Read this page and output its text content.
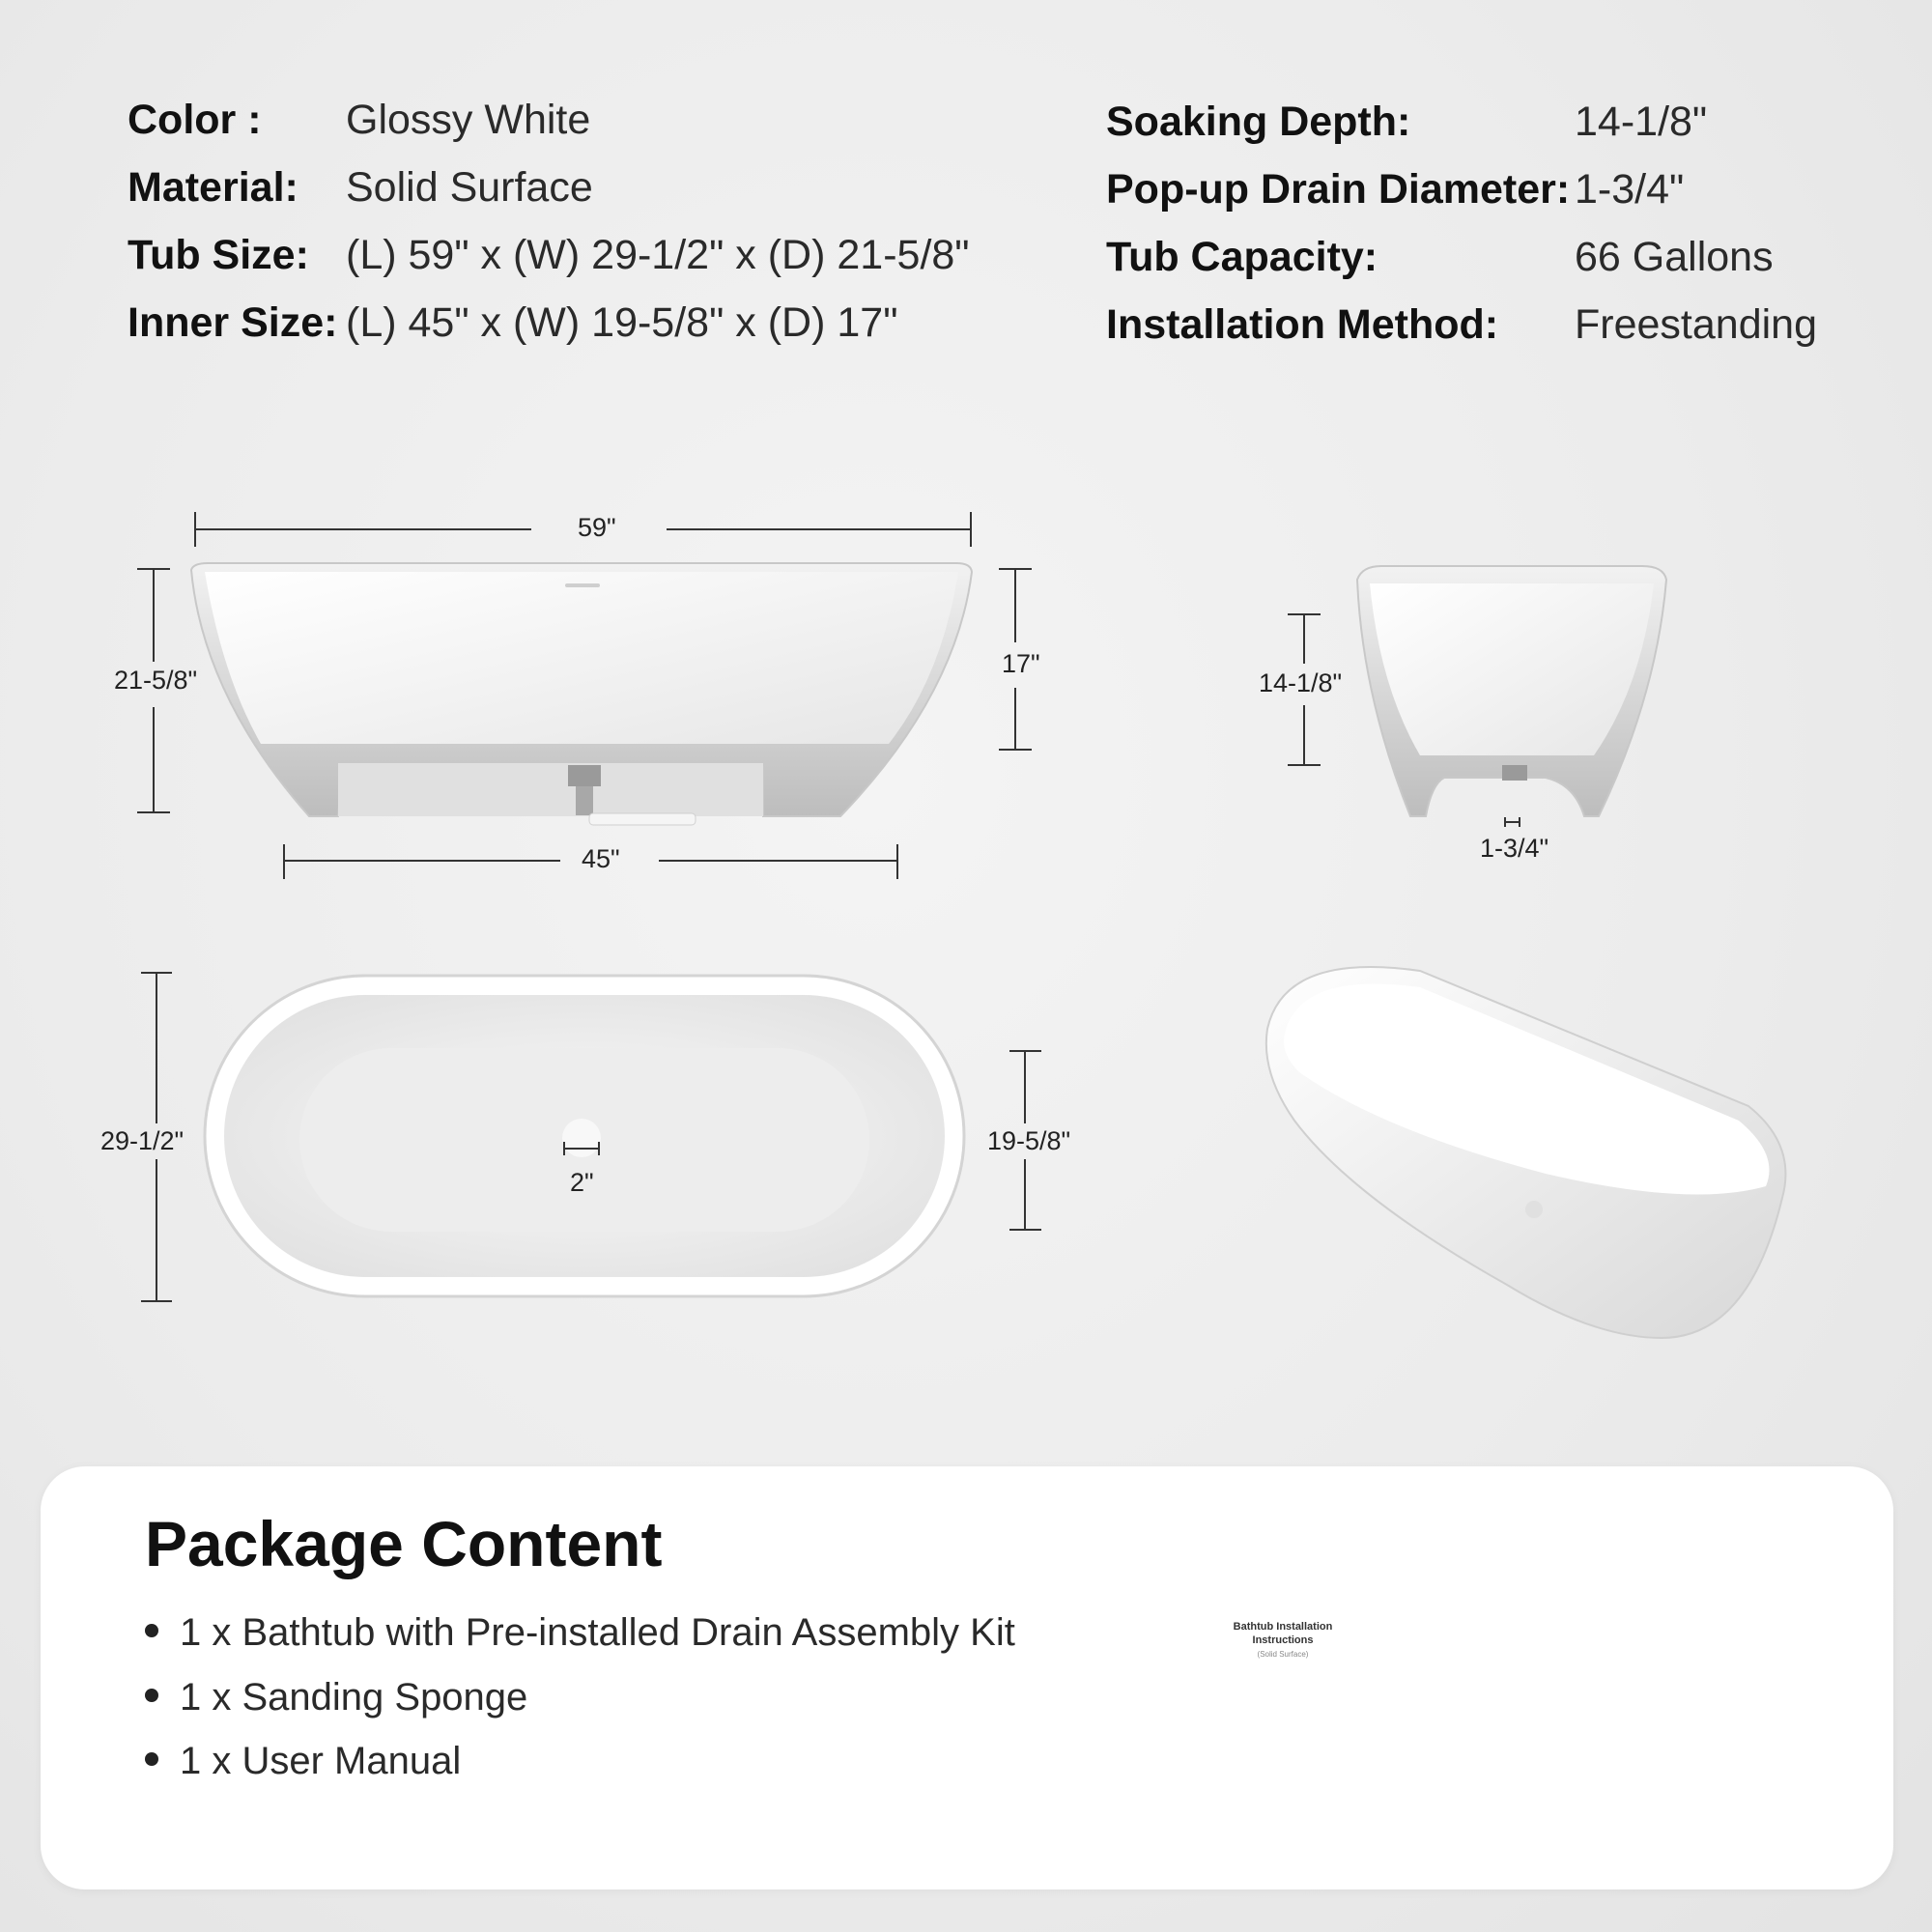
Color : Glossy White
Material: Solid Surface
Tub Size: (L) 59" x (W) 29-1/2" x (D) 21-5/8"
Inner Size: (L) 45" x (W) 19-5/8" x (D) 17"
Soaking Depth:	14-1/8"
Pop-up Drain Diameter: 1-3/4"
Tub Capacity:	66 Gallons
Installation Method: Freestanding
59"
21-5/8"
17"
45"
14-1/8"
1-3/4"
29-1/2"	19-5/8"
2"
Package Content
1 x Bathtub with Pre-installed Drain Assembly Kit
1 x Sanding Sponge
1 x User Manual
Bathtub Installation Instructions
(Solid Surface)
